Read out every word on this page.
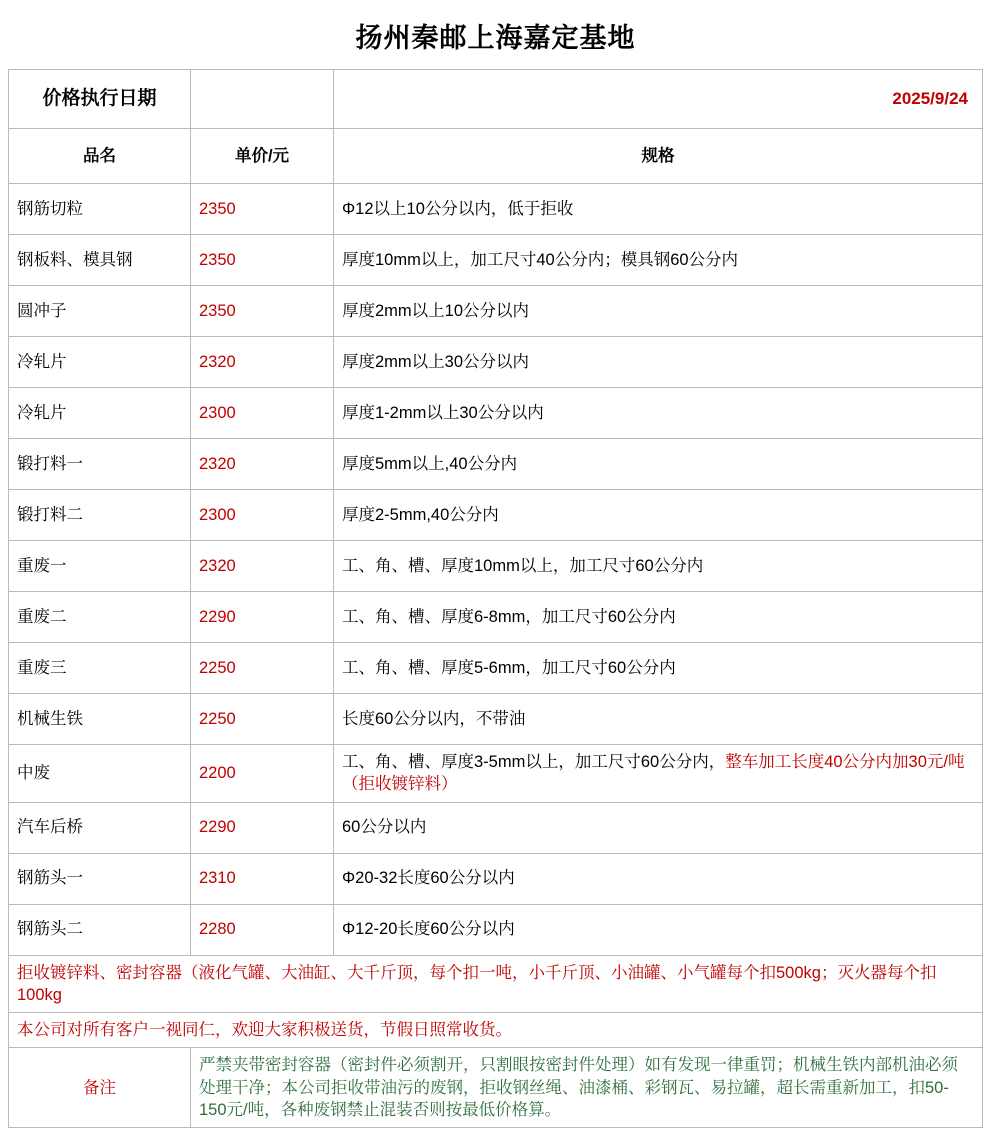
扬州秦邮上海嘉定基地
价格执行日期		2025/9/24
品名	单价/元	规格
钢筋切粒	2350	Φ12以上10公分以内，低于拒收
钢板料、模具钢	2350	厚度10mm以上，加工尺寸40公分内；模具钢60公分内
圆冲子	2350	厚度2mm以上10公分以内
冷轧片	2320	厚度2mm以上30公分以内
冷轧片	2300	厚度1-2mm以上30公分以内
锻打料一	2320	厚度5mm以上,40公分内
锻打料二	2300	厚度2-5mm,40公分内
重废一	2320	工、角、槽、厚度10mm以上，加工尺寸60公分内
重废二	2290	工、角、槽、厚度6-8mm，加工尺寸60公分内
重废三	2250	工、角、槽、厚度5-6mm，加工尺寸60公分内
机械生铁	2250	长度60公分以内，不带油
中废	2200	工、角、槽、厚度3-5mm以上，加工尺寸60公分内，整车加工长度40公分内加30元/吨（拒收镀锌料）
汽车后桥	2290	60公分以内
钢筋头一	2310	Φ20-32长度60公分以内
钢筋头二	2280	Φ12-20长度60公分以内
拒收镀锌料、密封容器（液化气罐、大油缸、大千斤顶，每个扣一吨，小千斤顶、小油罐、小气罐每个扣500kg；灭火器每个扣100kg		
本公司对所有客户一视同仁，欢迎大家积极送货，节假日照常收货。		
备注	严禁夹带密封容器（密封件必须割开，只割眼按密封件处理）如有发现一律重罚；机械生铁内部机油必须处理干净；本公司拒收带油污的废钢，拒收钢丝绳、油漆桶、彩钢瓦、易拉罐，超长需重新加工，扣50-150元/吨，各种废钢禁止混装否则按最低价格算。	
